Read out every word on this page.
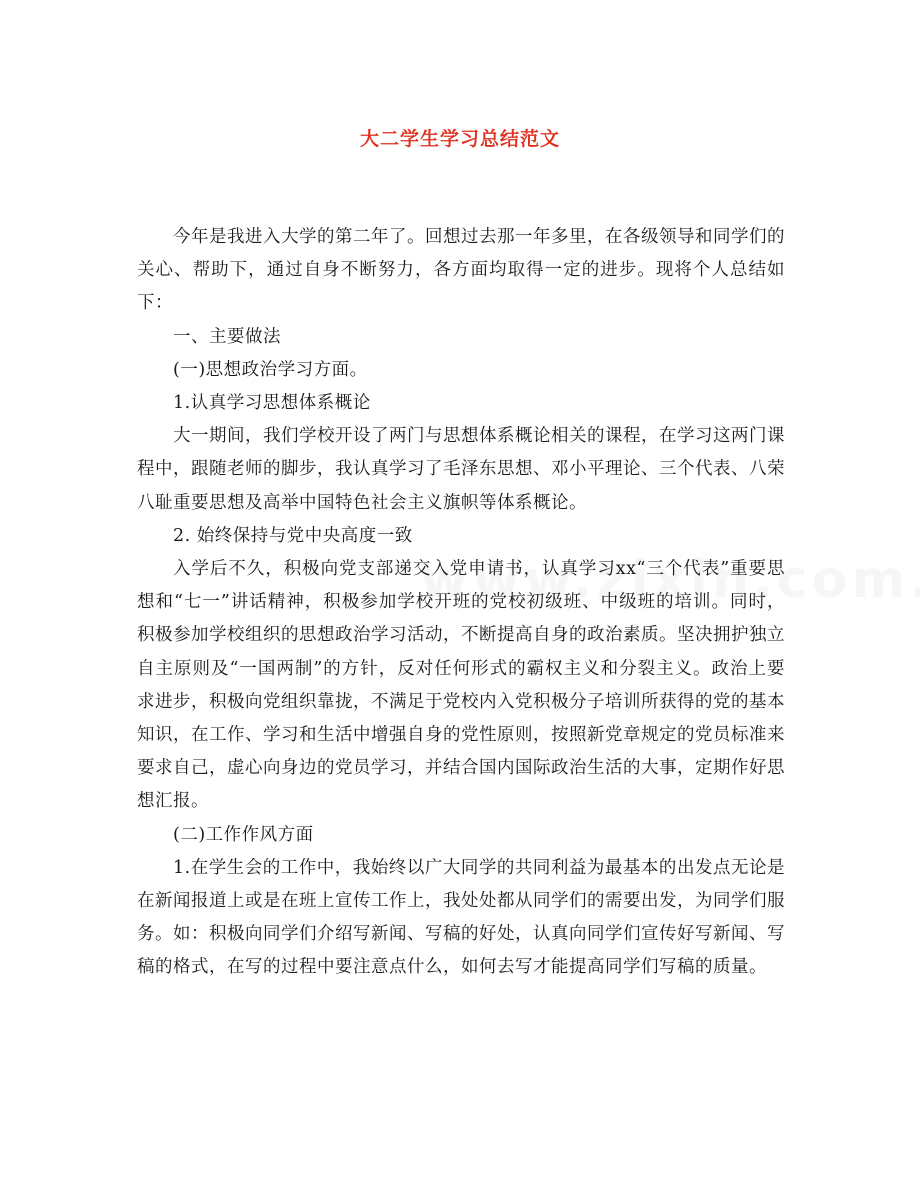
大二学生学习总结范文

今年是我进入大学的第二年了。回想过去那一年多里，在各级领导和同学们的关心、帮助下，通过自身不断努力，各方面均取得一定的进步。现将个人总结如下：

一、主要做法

(一)思想政治学习方面。

1.认真学习思想体系概论

大一期间，我们学校开设了两门与思想体系概论相关的课程，在学习这两门课程中，跟随老师的脚步，我认真学习了毛泽东思想、邓小平理论、三个代表、八荣八耻重要思想及高举中国特色社会主义旗帜等体系概论。

2. 始终保持与党中央高度一致

入学后不久，积极向党支部递交入党申请书，认真学习xx“三个代表”重要思想和“七一”讲话精神，积极参加学校开班的党校初级班、中级班的培训。同时，积极参加学校组织的思想政治学习活动，不断提高自身的政治素质。坚决拥护独立自主原则及“一国两制”的方针，反对任何形式的霸权主义和分裂主义。政治上要求进步，积极向党组织靠拢，不满足于党校内入党积极分子培训所获得的党的基本知识，在工作、学习和生活中增强自身的党性原则，按照新党章规定的党员标准来要求自己，虚心向身边的党员学习，并结合国内国际政治生活的大事，定期作好思想汇报。

(二)工作作风方面

1.在学生会的工作中，我始终以广大同学的共同利益为最基本的出发点无论是在新闻报道上或是在班上宣传工作上，我处处都从同学们的需要出发，为同学们服务。如：积极向同学们介绍写新闻、写稿的好处，认真向同学们宣传好写新闻、写稿的格式，在写的过程中要注意点什么，如何去写才能提高同学们写稿的质量。
